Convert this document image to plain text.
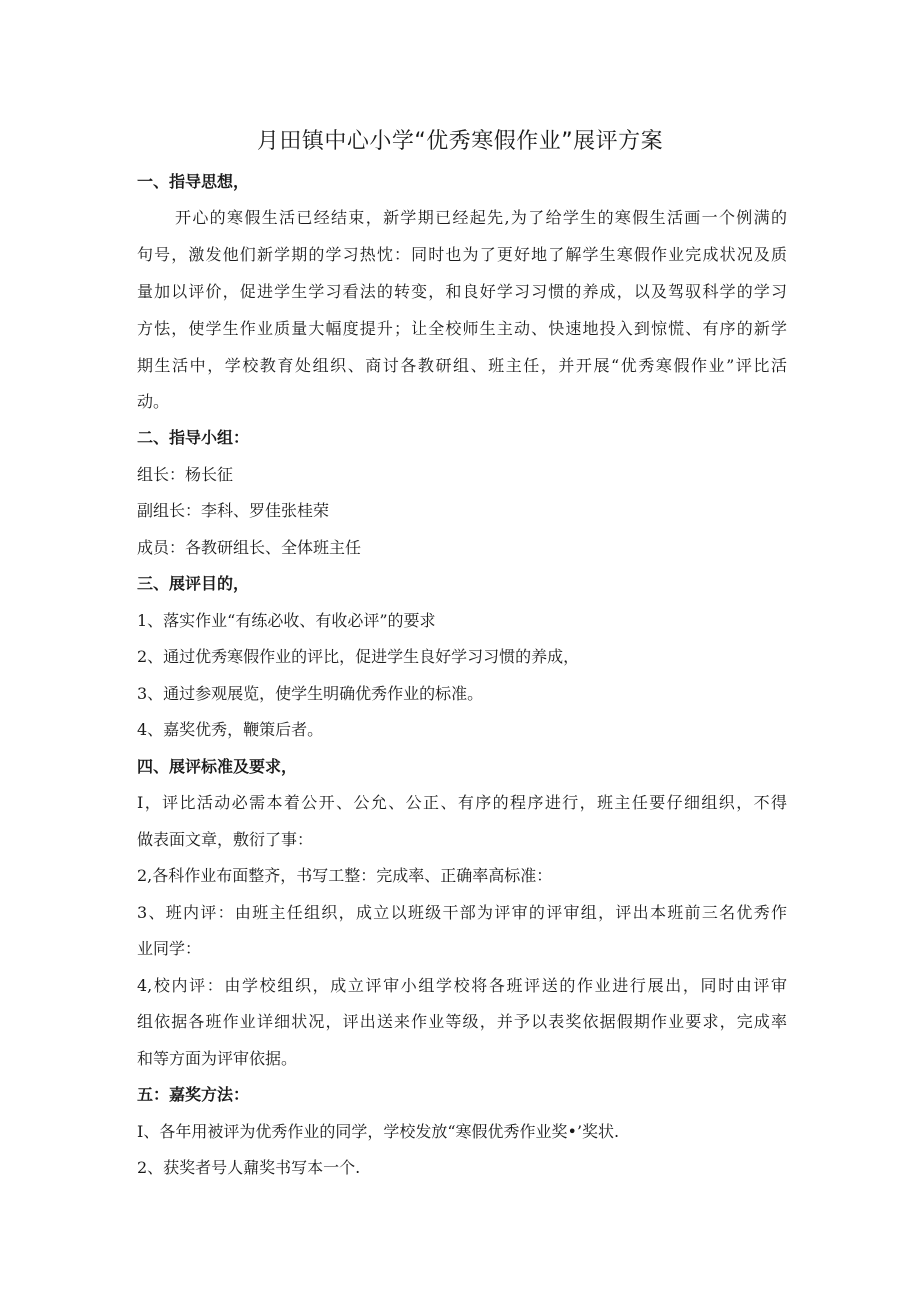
月田镇中心小学“优秀寒假作业”展评方案
一、指导思想，
开心的寒假生活已经结束，新学期已经起先,为了给学生的寒假生活画一个例满的
句号，激发他们新学期的学习热忱：同时也为了更好地了解学生寒假作业完成状况及质
量加以评价，促进学生学习看法的转变，和良好学习习惯的养成，以及驾驭科学的学习
方怯，使学生作业质量大幅度提升；让全校师生主动、快速地投入到惊慌、有序的新学
期生活中，学校教育处组织、商讨各教研组、班主任，并开展“优秀寒假作业”评比活
动。
二、指导小组：
组长：杨长征
副组长：李科、罗佳张桂荣
成员：各教研组长、全体班主任
三、展评目的，
1、落实作业“有练必收、有收必评”的要求
2、通过优秀寒假作业的评比，促进学生良好学习习惯的养成，
3、通过参观展览，使学生明确优秀作业的标准。
4、嘉奖优秀，鞭策后者。
四、展评标准及要求，
I，评比活动必需本着公开、公允、公正、有序的程序进行，班主任要仔细组织，不得
做表面文章，敷衍了事：
2,各科作业布面整齐，书写工整：完成率、正确率高标准：
3、班内评：由班主任组织，成立以班级干部为评审的评审组，评出本班前三名优秀作
业同学：
4,校内评：由学校组织，成立评审小组学校将各班评送的作业进行展出，同时由评审
组依据各班作业详细状况，评出送来作业等级，并予以表奖依据假期作业要求，完成率
和等方面为评审依据。
五：嘉奖方法：
I、各年用被评为优秀作业的同学，学校发放“寒假优秀作业奖•’奖状.
2、获奖者号人鼐奖书写本一个.
